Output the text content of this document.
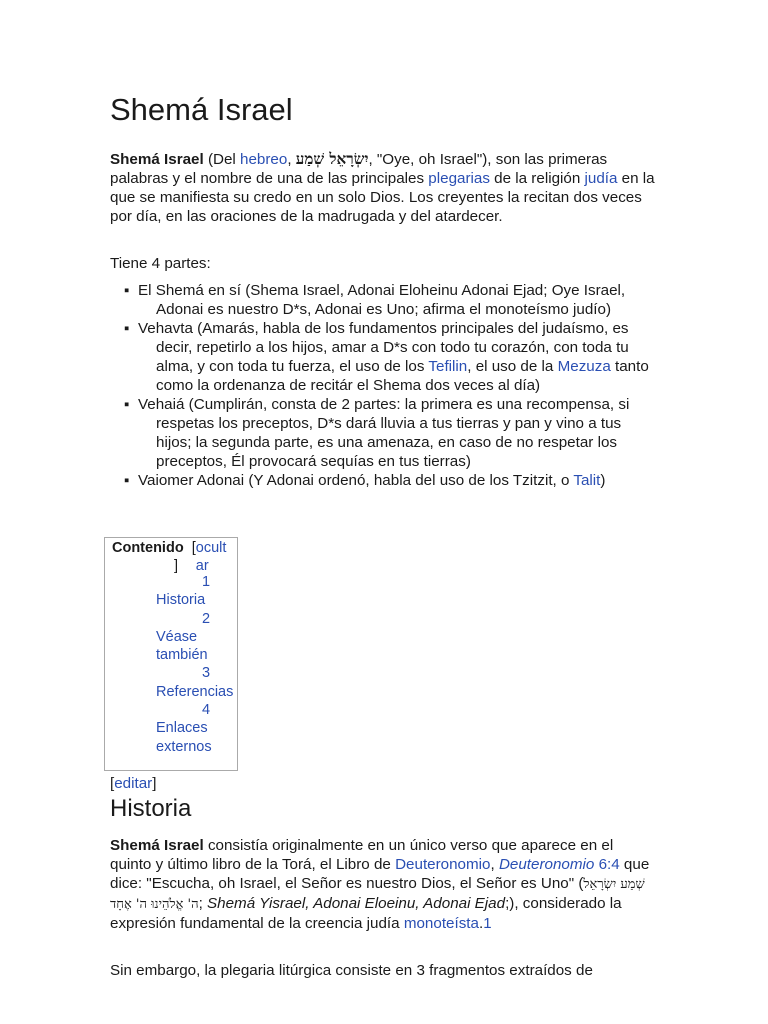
Shemá Israel

Shemá Israel (Del hebreo, יִשְׂרָאֵל שְׁמַע, "Oye, oh Israel"), son las primeras palabras y el nombre de una de las principales plegarias de la religión judía en la que se manifiesta su credo en un solo Dios. Los creyentes la recitan dos veces por día, en las oraciones de la madrugada y del atardecer.

Tiene 4 partes:

▪ El Shemá en sí (Shema Israel, Adonai Eloheinu Adonai Ejad; Oye Israel, Adonai es nuestro D*s, Adonai es Uno; afirma el monoteísmo judío)
▪ Vehavta (Amarás, habla de los fundamentos principales del judaísmo, es decir, repetirlo a los hijos, amar a D*s con todo tu corazón, con toda tu alma, y con toda tu fuerza, el uso de los Tefilin, el uso de la Mezuza tanto como la ordenanza de recitár el Shema dos veces al día)
▪ Vehaiá (Cumplirán, consta de 2 partes: la primera es una recompensa, si respetas los preceptos, D*s dará lluvia a tus tierras y pan y vino a tus hijos; la segunda parte, es una amenaza, en caso de no respetar los preceptos, Él provocará sequías en tus tierras)
▪ Vaiomer Adonai (Y Adonai ordenó, habla del uso de los Tzitzit, o Talit)
Contenido [ocultar
]
1
Historia
2
Véase también
3
Referencias
4
Enlaces externos
[editar]
Historia

Shemá Israel consistía originalmente en un único verso que aparece en el quinto y último libro de la Torá, el Libro de Deuteronomio, Deuteronomio 6:4 que dice: "Escucha, oh Israel, el Señor es nuestro Dios, el Señor es Uno" (שְׁמַע יִשְׂרָאֵל ה' אֱלֹהֵינוּ ה' אֶחָד; Shemá Yisrael, Adonai Eloeinu, Adonai Ejad;), considerado la expresión fundamental de la creencia judía monoteísta.1

Sin embargo, la plegaria litúrgica consiste en 3 fragmentos extraídos de
